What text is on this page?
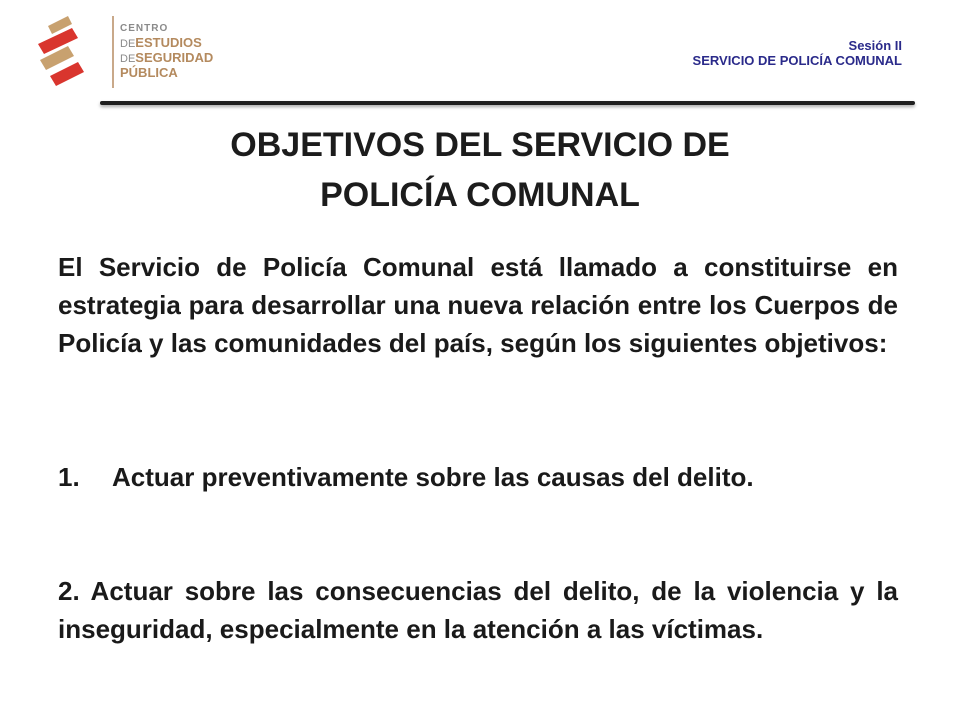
CENTRO
DEESTUDIOS
DESEGURIDAD
PÚBLICA
Sesión II
SERVICIO DE POLICÍA COMUNAL
OBJETIVOS DEL SERVICIO DE
POLICÍA COMUNAL
El Servicio de Policía Comunal está llamado a constituirse en estrategia para desarrollar una nueva relación entre los Cuerpos de Policía y las comunidades del país, según los siguientes objetivos:
1. Actuar preventivamente sobre las causas del delito.
2. Actuar sobre las consecuencias del delito, de la violencia y la inseguridad, especialmente en la atención a las víctimas.
